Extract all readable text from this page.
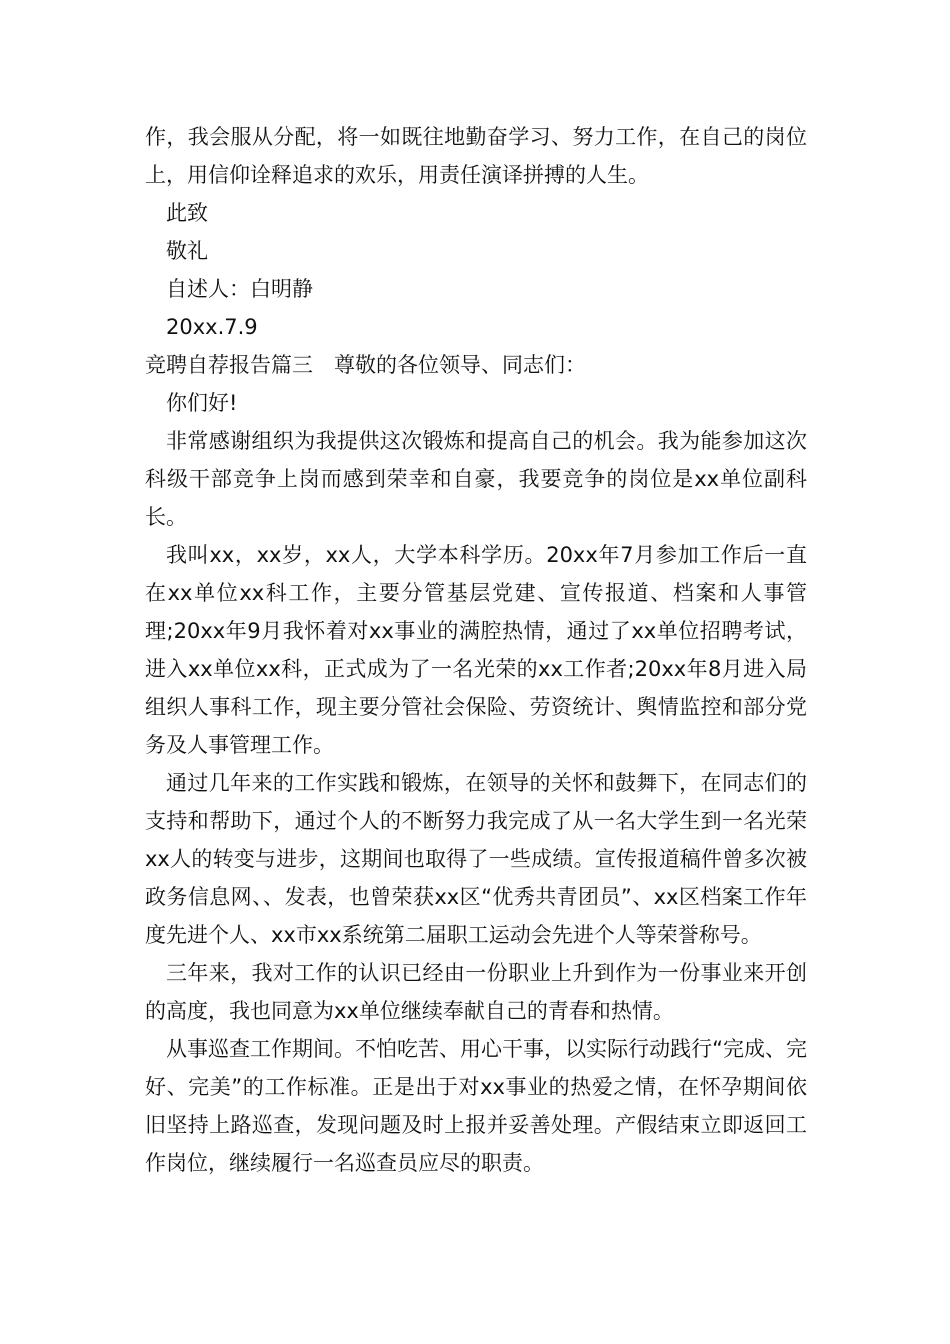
作，我会服从分配，将一如既往地勤奋学习、努力工作，在自己的岗位上，用信仰诠释追求的欢乐，用责任演译拼搏的人生。

此致

敬礼

自述人：白明静

20xx.7.9

竞聘自荐报告篇三　尊敬的各位领导、同志们：

你们好!

非常感谢组织为我提供这次锻炼和提高自己的机会。我为能参加这次科级干部竞争上岗而感到荣幸和自豪，我要竞争的岗位是xx单位副科长。

我叫xx，xx岁，xx人，大学本科学历。20xx年7月参加工作后一直在xx单位xx科工作，主要分管基层党建、宣传报道、档案和人事管理;20xx年9月我怀着对xx事业的满腔热情，通过了xx单位招聘考试，进入xx单位xx科，正式成为了一名光荣的xx工作者;20xx年8月进入局组织人事科工作，现主要分管社会保险、劳资统计、舆情监控和部分党务及人事管理工作。

通过几年来的工作实践和锻炼，在领导的关怀和鼓舞下，在同志们的支持和帮助下，通过个人的不断努力我完成了从一名大学生到一名光荣xx人的转变与进步，这期间也取得了一些成绩。宣传报道稿件曾多次被政务信息网、、发表，也曾荣获xx区“优秀共青团员”、xx区档案工作年度先进个人、xx市xx系统第二届职工运动会先进个人等荣誉称号。

三年来，我对工作的认识已经由一份职业上升到作为一份事业来开创的高度，我也同意为xx单位继续奉献自己的青春和热情。

从事巡查工作期间。不怕吃苦、用心干事，以实际行动践行“完成、完好、完美”的工作标准。正是出于对xx事业的热爱之情，在怀孕期间依旧坚持上路巡查，发现问题及时上报并妥善处理。产假结束立即返回工作岗位，继续履行一名巡查员应尽的职责。
